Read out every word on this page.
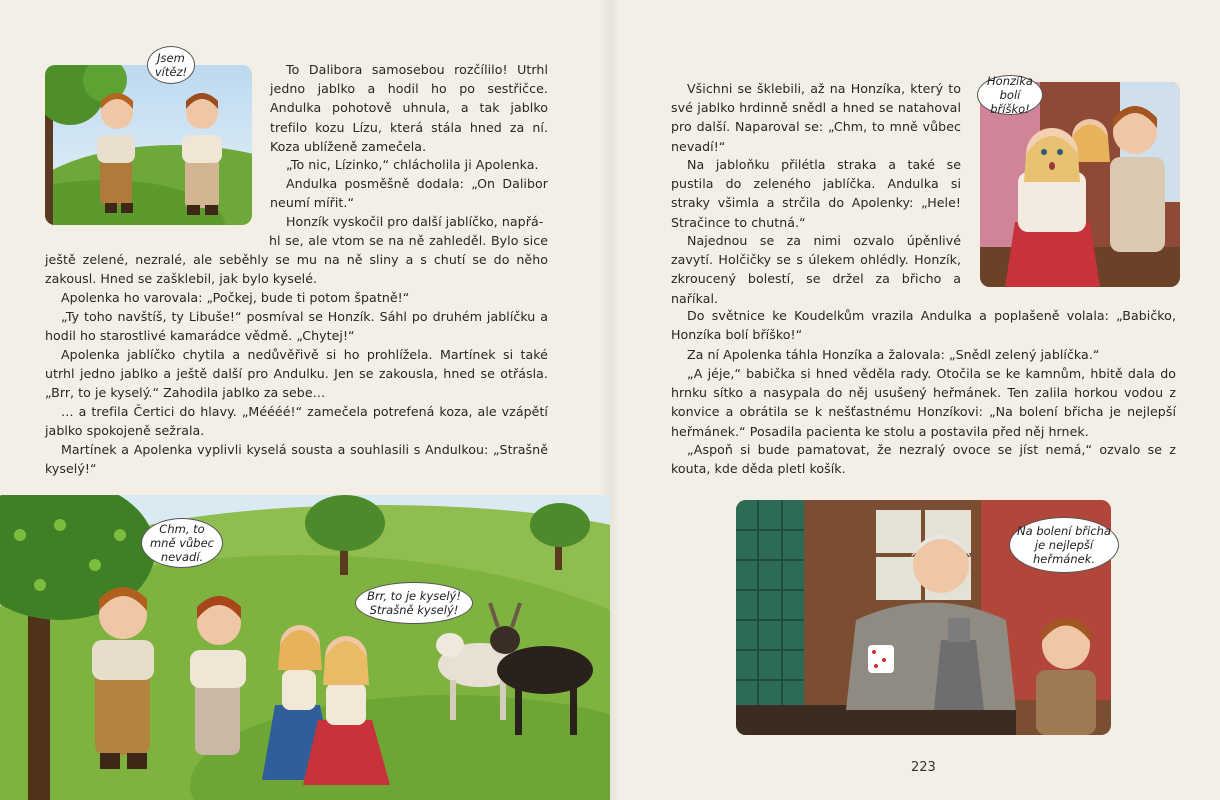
Jsem vítěz!	To Dalibora samosebou rozčílilo! Utrhl jedno jablko a hodil ho po sestřičce. Andulka pohotově uhnula, a tak jablko trefilo kozu Lízu, která stála hned za ní. Koza ublíženě zamečela.

„To nic, Lízinko,“ chlácholila ji Apolenka.

Andulka posměšně dodala: „On Dalibor neumí mířit.“

Honzík vyskočil pro další jablíčko, napřá-

hl se, ale vtom se na ně zahleděl. Bylo sice ještě zelené, nezralé, ale seběhly se mu na ně sliny a s chutí se do něho zakousl. Hned se zašklebil, jak bylo kyselé.

Apolenka ho varovala: „Počkej, bude ti potom špatně!“

„Ty toho navštíš, ty Libuše!“ posmíval se Honzík. Sáhl po druhém jablíčku a hodil ho starostlivé kamarádce vědmě. „Chytej!“

Apolenka jablíčko chytila a nedůvěřivě si ho prohlížela. Martínek si také utrhl jedno jablko a ještě další pro Andulku. Jen se zakousla, hned se otřásla. „Brr, to je kyselý.“ Zahodila jablko za sebe…

… a trefila Čertici do hlavy. „Méééé!“ zamečela potrefená koza, ale vzápětí jablko spokojeně sežrala.

Martínek a Apolenka vyplivli kyselá sousta a souhlasili s Andulkou: „Strašně kyselý!“

Chm, to mně vůbec nevadí.
Brr, to je kyselý! Strašně kyselý!

Všichni se šklebili, až na Honzíka, který to své jablko hrdinně snědl a hned se natahoval pro další. Naparoval se: „Chm, to mně vůbec nevadí!“

Na jabloňku přilétla straka a také se pustila do zeleného jablíčka. Andulka si straky všimla a strčila do Apolenky: „Hele! Stračince to chutná.“

Najednou se za nimi ozvalo úpěnlivé zavytí. Holčičky se s úlekem ohlédly. Honzík, zkroucený bolestí, se držel za břicho a naříkal.

Honzíka bolí bříško!

Do světnice ke Koudelkům vrazila Andulka a poplašeně volala: „Babičko, Honzíka bolí bříško!“

Za ní Apolenka táhla Honzíka a žalovala: „Snědl zelený jablíčka.“

„A jéje,“ babička si hned věděla rady. Otočila se ke kamnům, hbitě dala do hrnku sítko a nasypala do něj usušený heřmánek. Ten zalila horkou vodou z konvice a obrátila se k nešťastnému Honzíkovi: „Na bolení břicha je nejlepší heřmánek.“ Posadila pacienta ke stolu a postavila před něj hrnek.

„Aspoň si bude pamatovat, že nezralý ovoce se jíst nemá,“ ozvalo se z kouta, kde děda pletl košík.

Na bolení břicha je nejlepší heřmánek.
223
